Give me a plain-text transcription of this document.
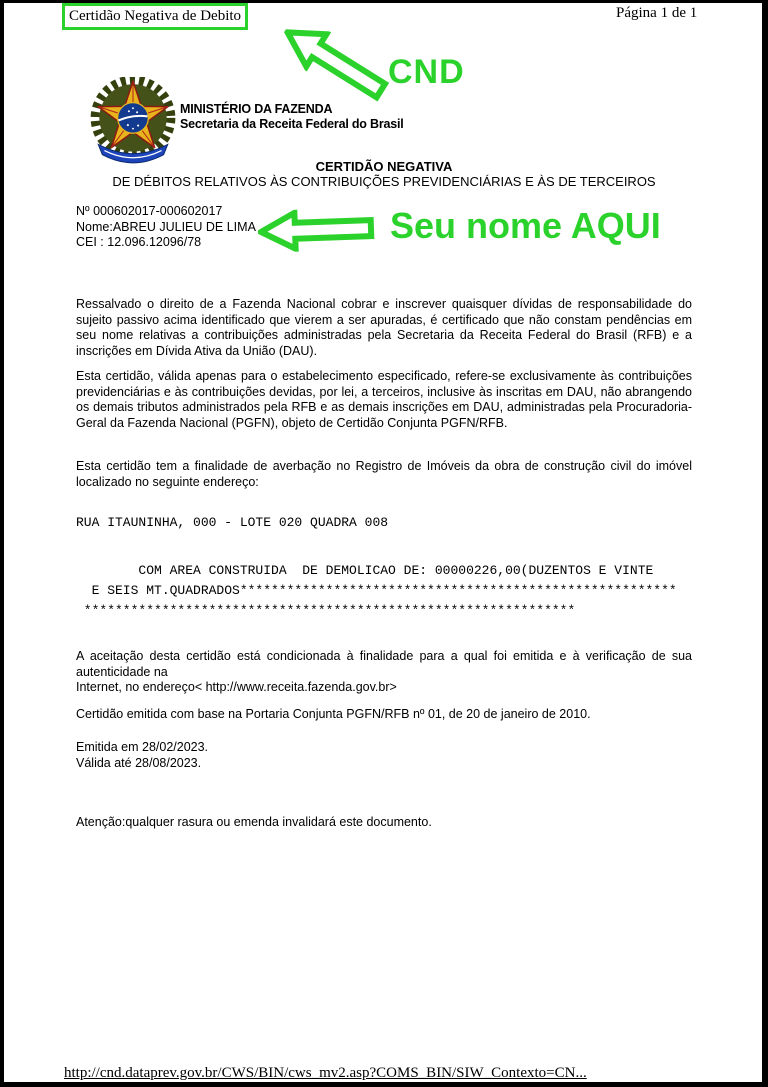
Certidão Negativa de Debito	Página 1 de 1
CND
MINISTÉRIO DA FAZENDA
Secretaria da Receita Federal do Brasil
CERTIDÃO NEGATIVA
DE DÉBITOS RELATIVOS ÀS CONTRIBUIÇÕES PREVIDENCIÁRIAS E ÀS DE TERCEIROS
Nº 000602017-000602017
Nome:ABREU JULIEU DE LIMA
CEI : 12.096.12096/78	Seu nome AQUI
Ressalvado o direito de a Fazenda Nacional cobrar e inscrever quaisquer dívidas de responsabilidade do sujeito passivo acima identificado que vierem a ser apuradas, é certificado que não constam pendências em seu nome relativas a contribuições administradas pela Secretaria da Receita Federal do Brasil (RFB) e a inscrições em Dívida Ativa da União (DAU).
Esta certidão, válida apenas para o estabelecimento especificado, refere-se exclusivamente às contribuições previdenciárias e às contribuições devidas, por lei, a terceiros, inclusive às inscritas em DAU, não abrangendo os demais tributos administrados pela RFB e as demais inscrições em DAU, administradas pela Procuradoria-Geral da Fazenda Nacional (PGFN), objeto de Certidão Conjunta PGFN/RFB.
Esta certidão tem a finalidade de averbação no Registro de Imóveis da obra de construção civil do imóvel localizado no seguinte endereço:
RUA ITAUNINHA, 000 - LOTE 020 QUADRA 008
COM AREA CONSTRUIDA  DE DEMOLICAO DE: 00000226,00(DUZENTOS E VINTE
E SEIS MT.QUADRADOS********************************************************
***************************************************************
A aceitação desta certidão está condicionada à finalidade para a qual foi emitida e à verificação de sua
autenticidade na
Internet, no endereço< http://www.receita.fazenda.gov.br>
Certidão emitida com base na Portaria Conjunta PGFN/RFB nº 01, de 20 de janeiro de 2010.
Emitida em 28/02/2023.
Válida até 28/08/2023.
Atenção:qualquer rasura ou emenda invalidará este documento.
http://cnd.dataprev.gov.br/CWS/BIN/cws_mv2.asp?COMS_BIN/SIW_Contexto=CN...
